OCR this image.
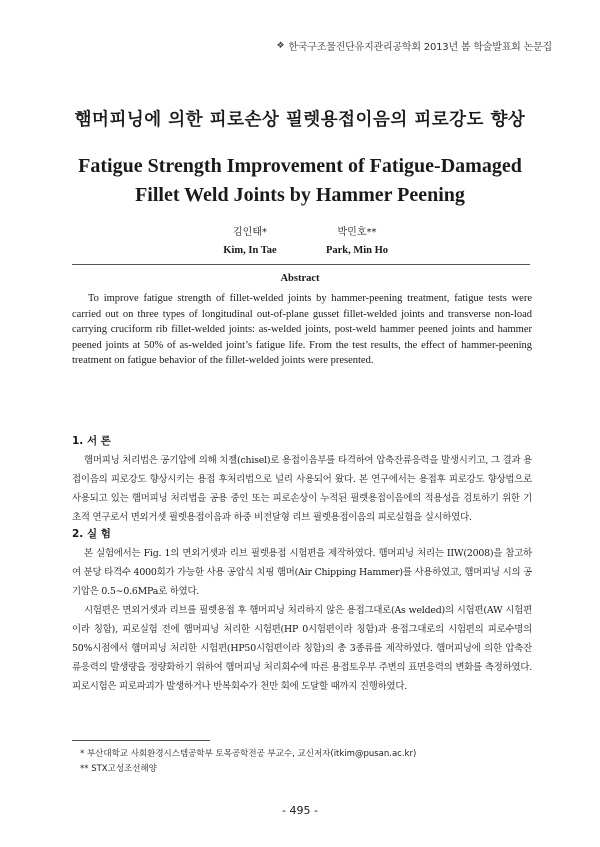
❖ 한국구조물진단유지관리공학회 2013년 봄 학술발표회 논문집
햄머피닝에 의한 피로손상 필렛용접이음의 피로강도 향상
Fatigue Strength Improvement of Fatigue-Damaged Fillet Weld Joints by Hammer Peening
김인태*
Kim, In Tae
박민호**
Park, Min Ho
Abstract
To improve fatigue strength of fillet-welded joints by hammer-peening treatment, fatigue tests were carried out on three types of longitudinal out-of-plane gusset fillet-welded joints and transverse non-load carrying cruciform rib fillet-welded joints: as-welded joints, post-weld hammer peened joints and hammer peened joints at 50% of as-welded joint’s fatigue life. From the test results, the effect of hammer-peening treatment on fatigue behavior of the fillet-welded joints were presented.
1. 서 론
햄머피닝 처리법은 공기압에 의해 치젤(chisel)로 용접이음부를 타격하여 압축잔류응력을 발생시키고, 그 결과 용접이음의 피로강도 향상시키는 용접 후처리법으로 널리 사용되어 왔다. 본 연구에서는 용접후 피로강도 향상법으로 사용되고 있는 햄머피닝 처리법을 공용 중인 또는 피로손상이 누적된 필렛용접이음에의 적용성을 검토하기 위한 기초적 연구로서 면외거셋 필렛용접이음과 하중 비전달형 리브 필렛용접이음의 피로실험을 실시하였다.
2. 실 험
본 실험에서는 Fig. 1의 면외거셋과 리브 필렛용접 시험편을 제작하였다. 햄머피닝 처리는 IIW(2008)을 참고하여 분당 타격수 4000회가 가능한 사용 공압식 치핑 햄머(Air Chipping Hammer)를 사용하였고, 햄머피닝 시의 공기압은 0.5∼0.6MPa로 하였다.
시험편은 면외거셋과 리브를 필렛용접 후 햄머피닝 처리하지 않은 용접그대로(As welded)의 시험편(AW 시험편이라 칭함), 피로실험 전에 햄머피닝 처리한 시험편(HP 0시험편이라 칭함)과 용접그대로의 시험편의 피로수명의 50%시점에서 햄머피닝 처리한 시험편(HP50시험편이라 칭함)의 총 3종류를 제작하였다. 햄머피닝에 의한 압축잔류응력의 발생량을 정량화하기 위하여 햄머피닝 처리회수에 따른 용접토우부 주변의 표면응력의 변화를 측정하였다. 피로시험은 피로파괴가 발생하거나 반복회수가 천만 회에 도달할 때까지 진행하였다.
* 부산대학교 사회환경시스템공학부 토목공학전공 부교수, 교신저자(itkim@pusan.ac.kr)
** STX고성조선해양
- 495 -
